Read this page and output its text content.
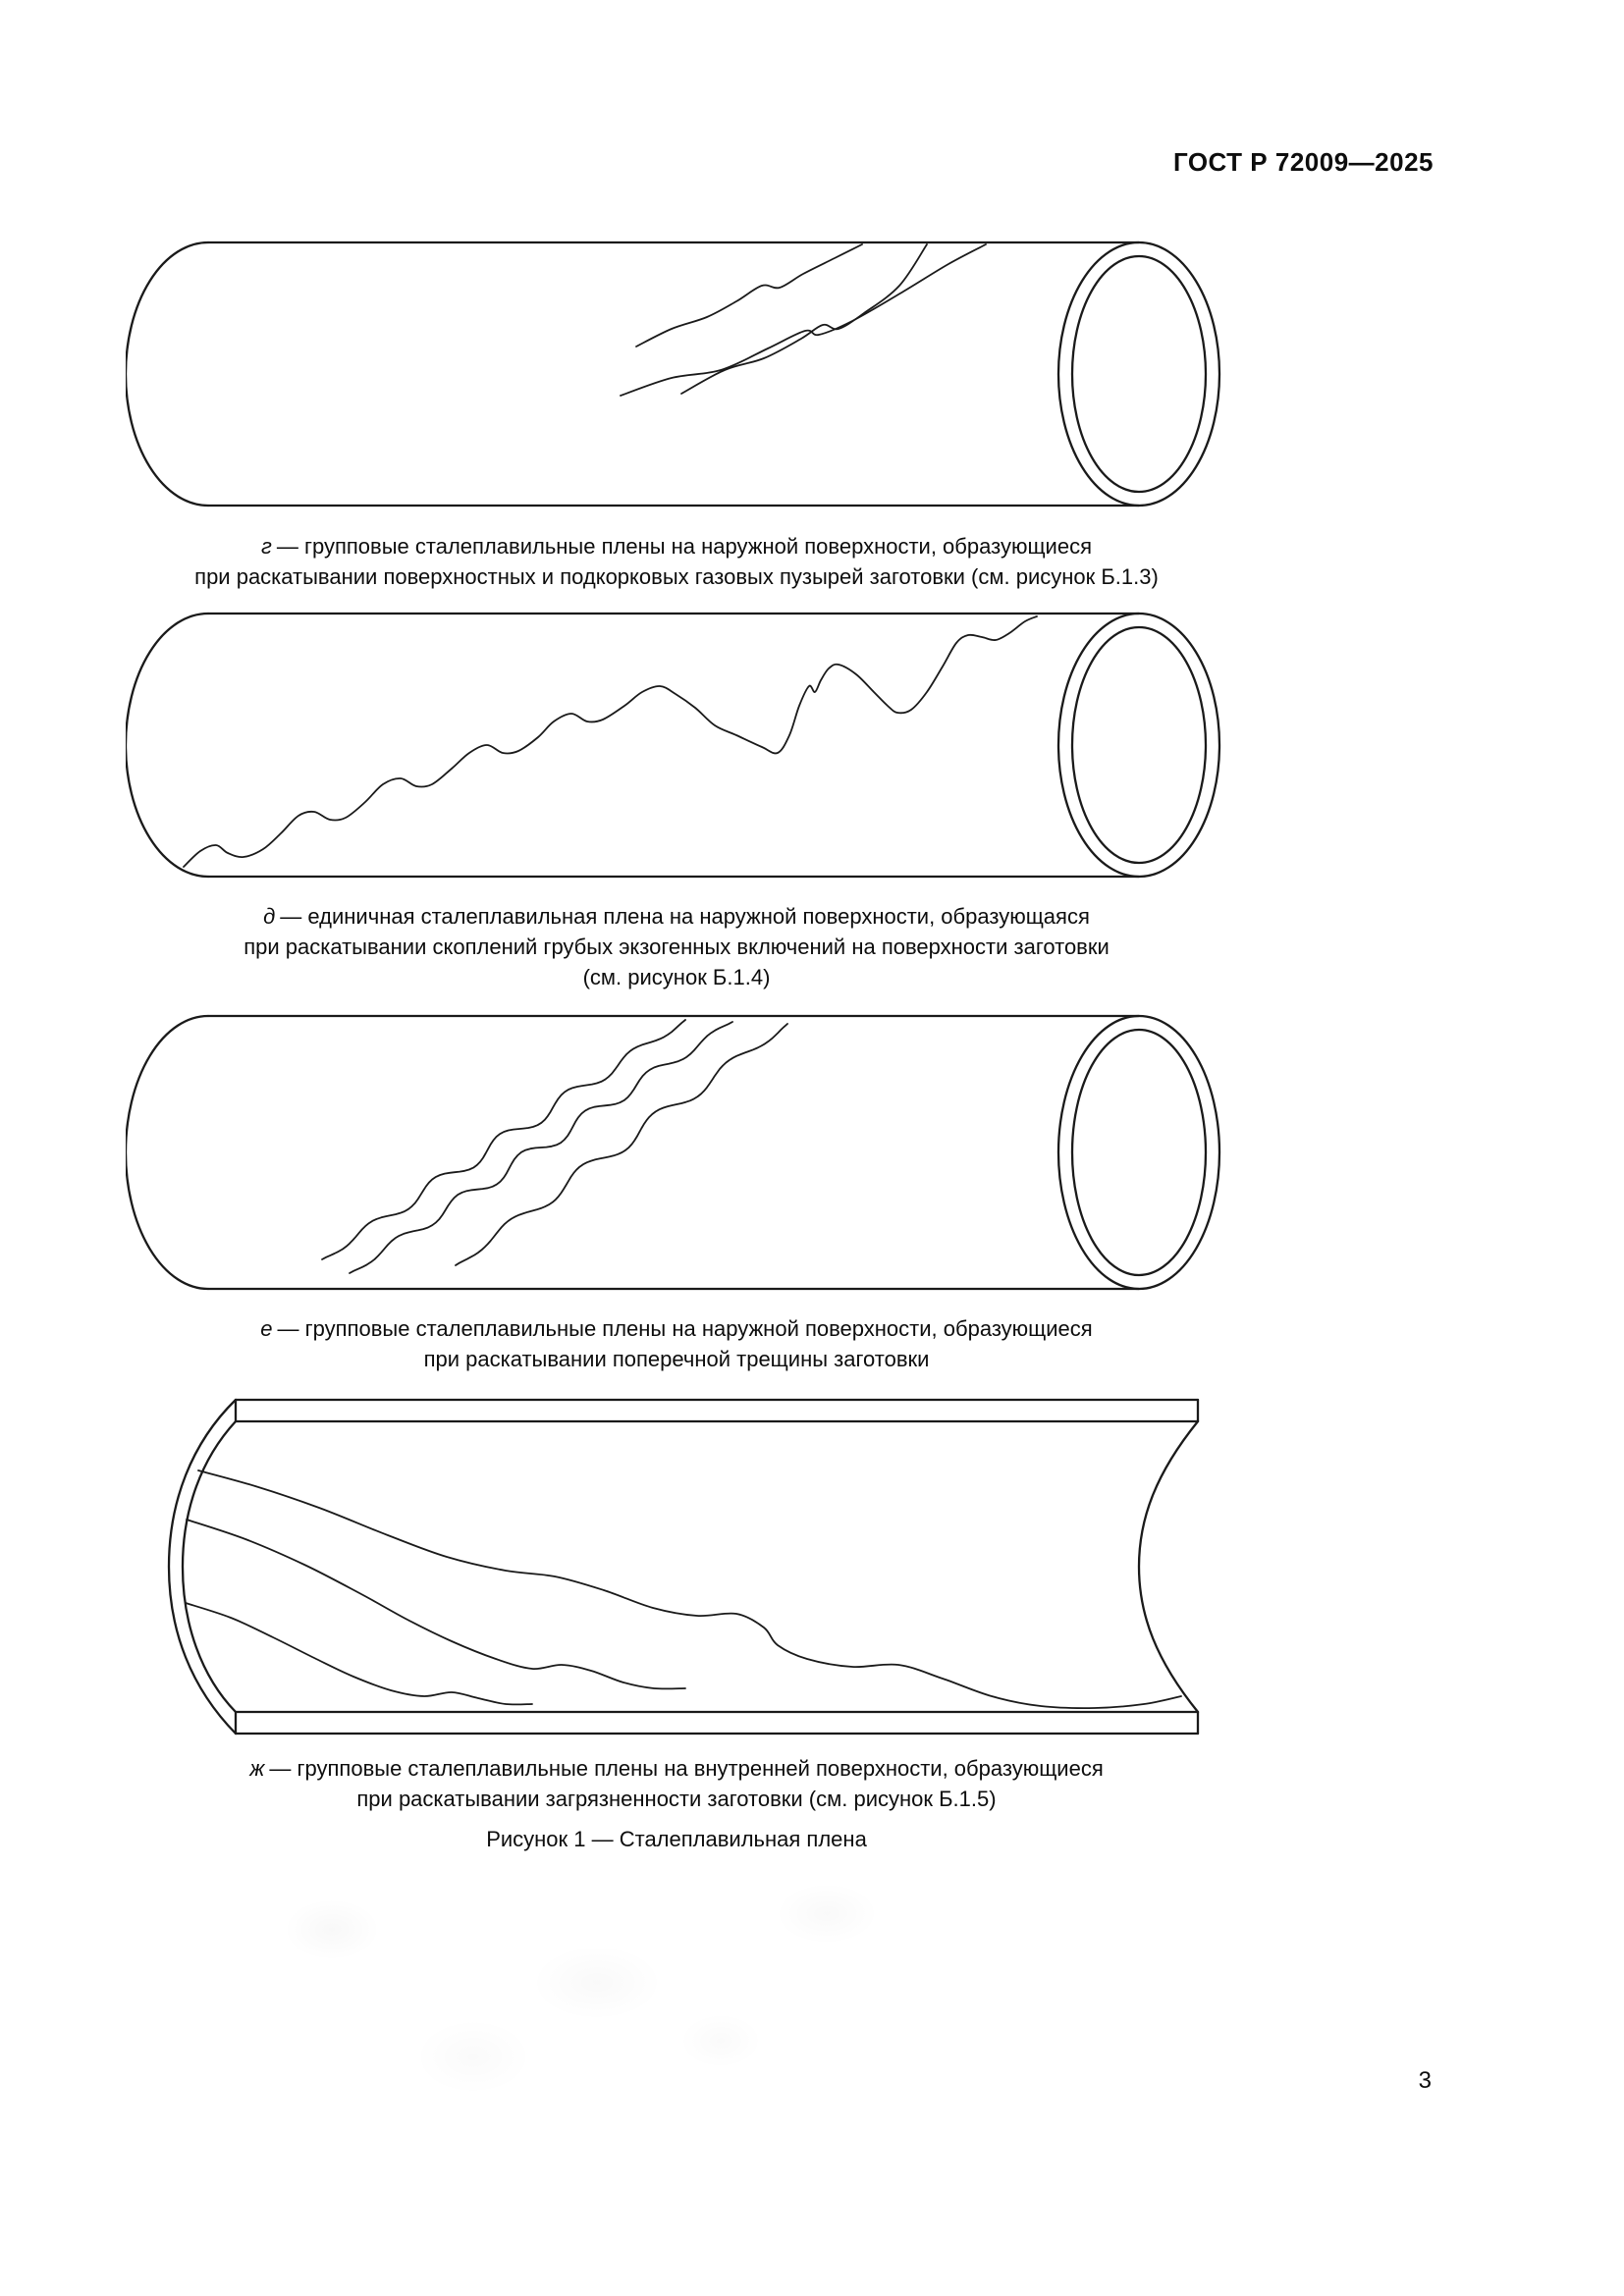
ГОСТ Р 72009—2025
г — групповые сталеплавильные плены на наружной поверхности, образующиеся
при раскатывании поверхностных и подкорковых газовых пузырей заготовки (см. рисунок Б.1.3)
д — единичная сталеплавильная плена на наружной поверхности, образующаяся
при раскатывании скоплений грубых экзогенных включений на поверхности заготовки
(см. рисунок Б.1.4)
е — групповые сталеплавильные плены на наружной поверхности, образующиеся
при раскатывании поперечной трещины заготовки
ж — групповые сталеплавильные плены на внутренней поверхности, образующиеся
при раскатывании загрязненности заготовки (см. рисунок Б.1.5)
Рисунок 1 — Сталеплавильная плена
3
